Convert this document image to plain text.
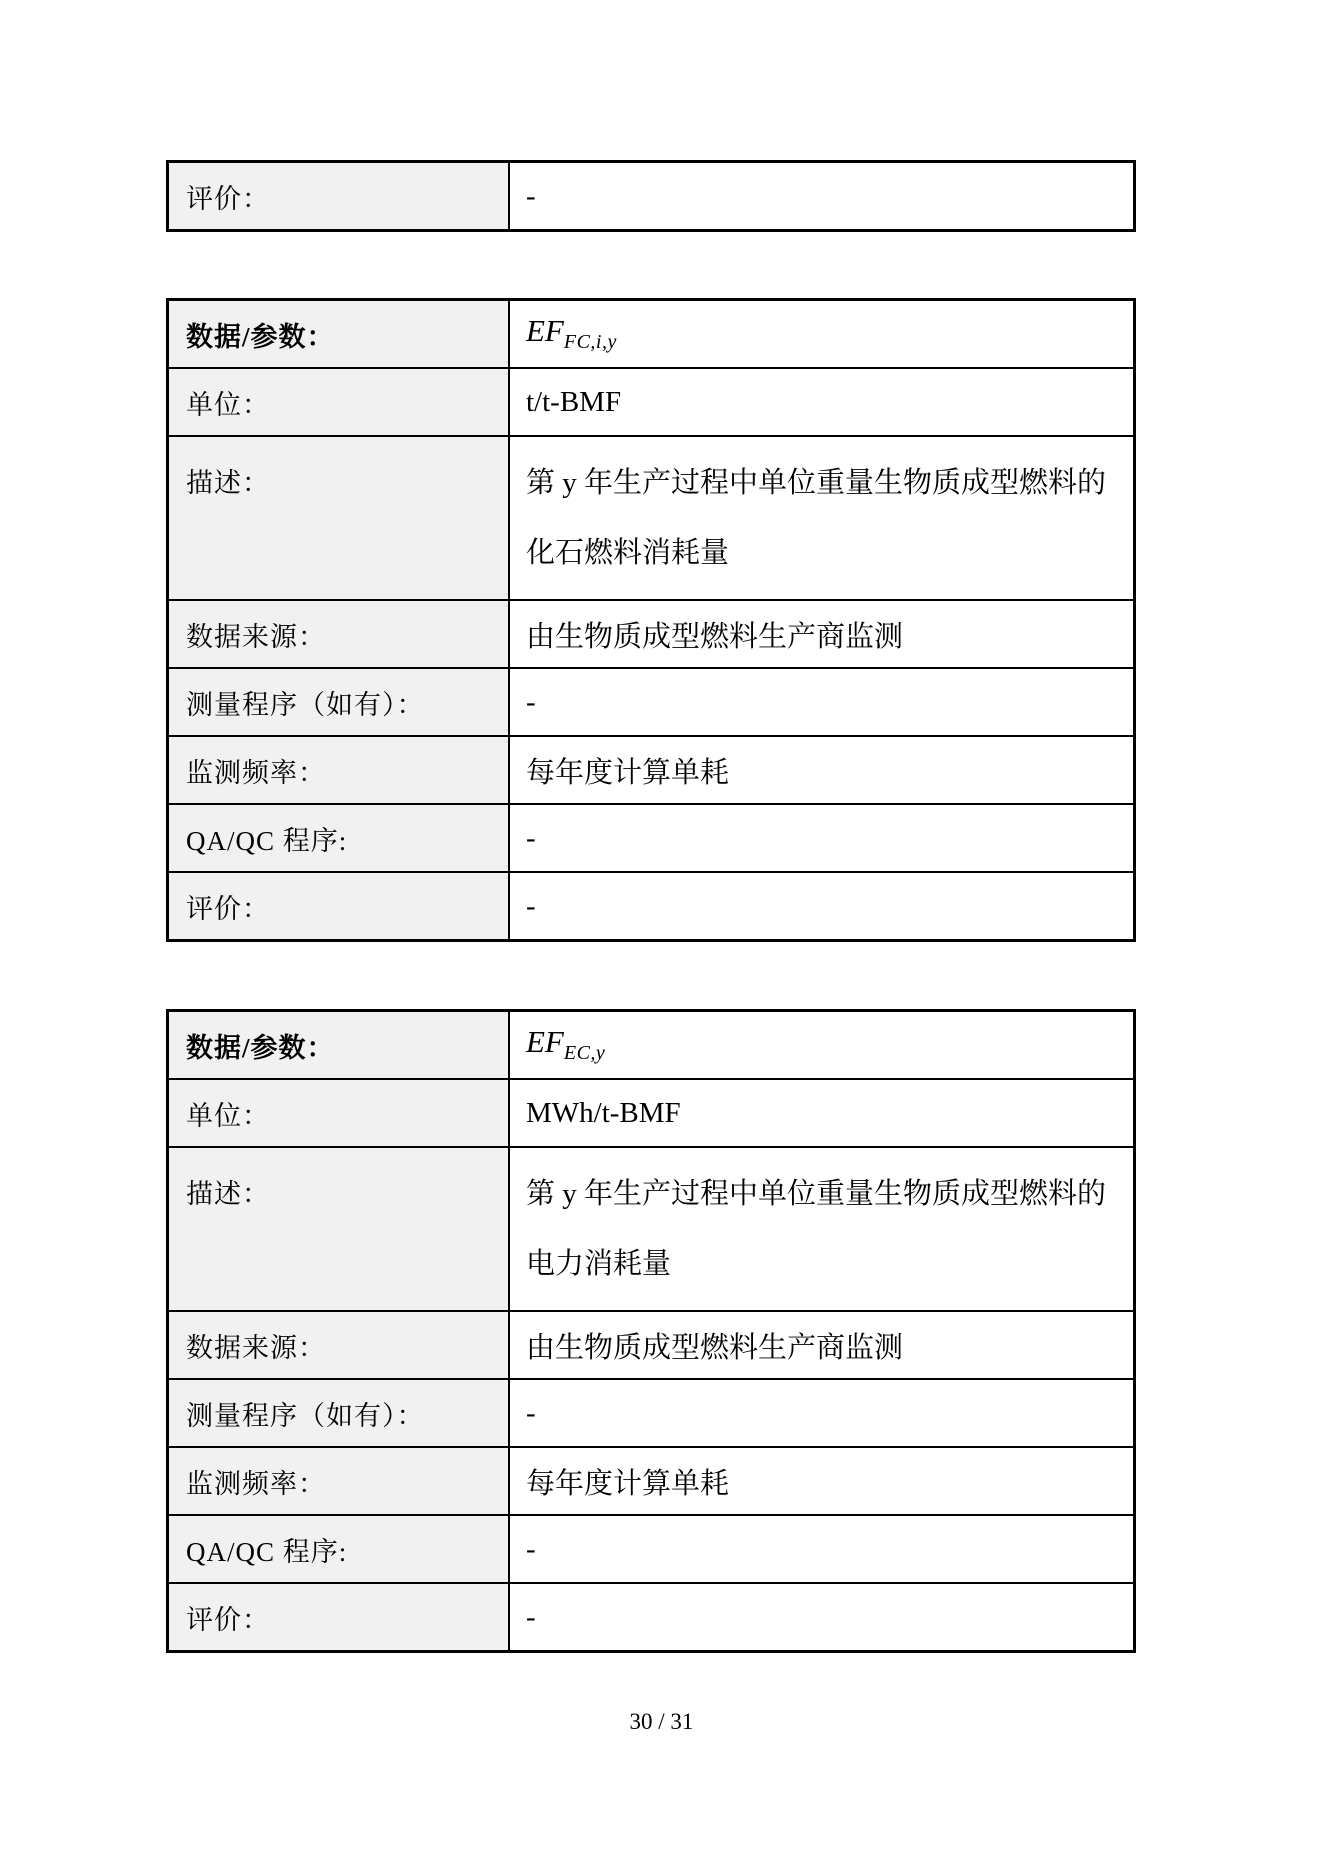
评价：	-
数据/参数：	$EF_{FC,i,y}$
单位：	t/t-BMF
描述：	第 y 年生产过程中单位重量生物质成型燃料的
化石燃料消耗量

数据来源：	由生物质成型燃料生产商监测
测量程序（如有）：	-
监测频率：	每年度计算单耗
QA/QC 程序:	-
评价：	-
数据/参数：	$EF_{EC,y}$
单位：	MWh/t-BMF
描述：	第 y 年生产过程中单位重量生物质成型燃料的
电力消耗量

数据来源：	由生物质成型燃料生产商监测
测量程序（如有）：	-
监测频率：	每年度计算单耗
QA/QC 程序:	-
评价：	-
30 / 31
